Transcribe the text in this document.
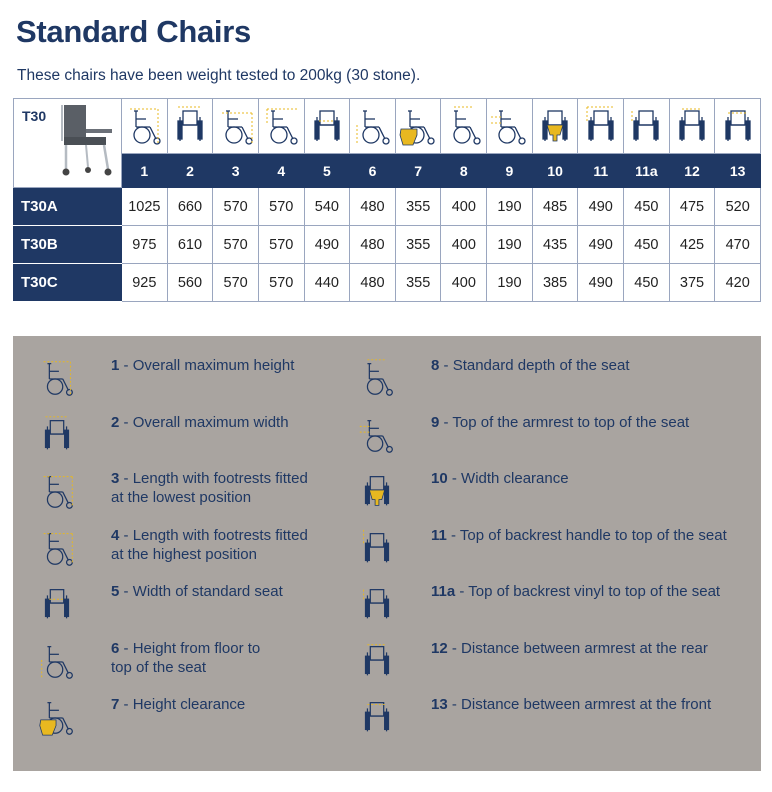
Standard Chairs
These chairs have been weight tested to 200kg (30 stone).
T30

	1	2	3	4	5	6	7	8	9	10	11	11a	12	13
T30A	1025	660	570	570	540	480	355	400	190	485	490	450	475	520
T30B	975	610	570	570	490	480	355	400	190	435	490	450	425	470
T30C	925	560	570	570	440	480	355	400	190	385	490	450	375	420
1 - Overall maximum height
2 - Overall maximum width
3 - Length with footrests fitted
at the lowest position
4 - Length with footrests fitted
at the highest position
5 - Width of standard seat
6 - Height from floor to
top of the seat
7 - Height clearance
8 - Standard depth of the seat
9 - Top of the armrest to top of the seat
10 - Width clearance
11 - Top of backrest handle to top of the seat
11a - Top of backrest vinyl to top of the seat
12 - Distance between armrest at the rear
13 - Distance between armrest at the front
